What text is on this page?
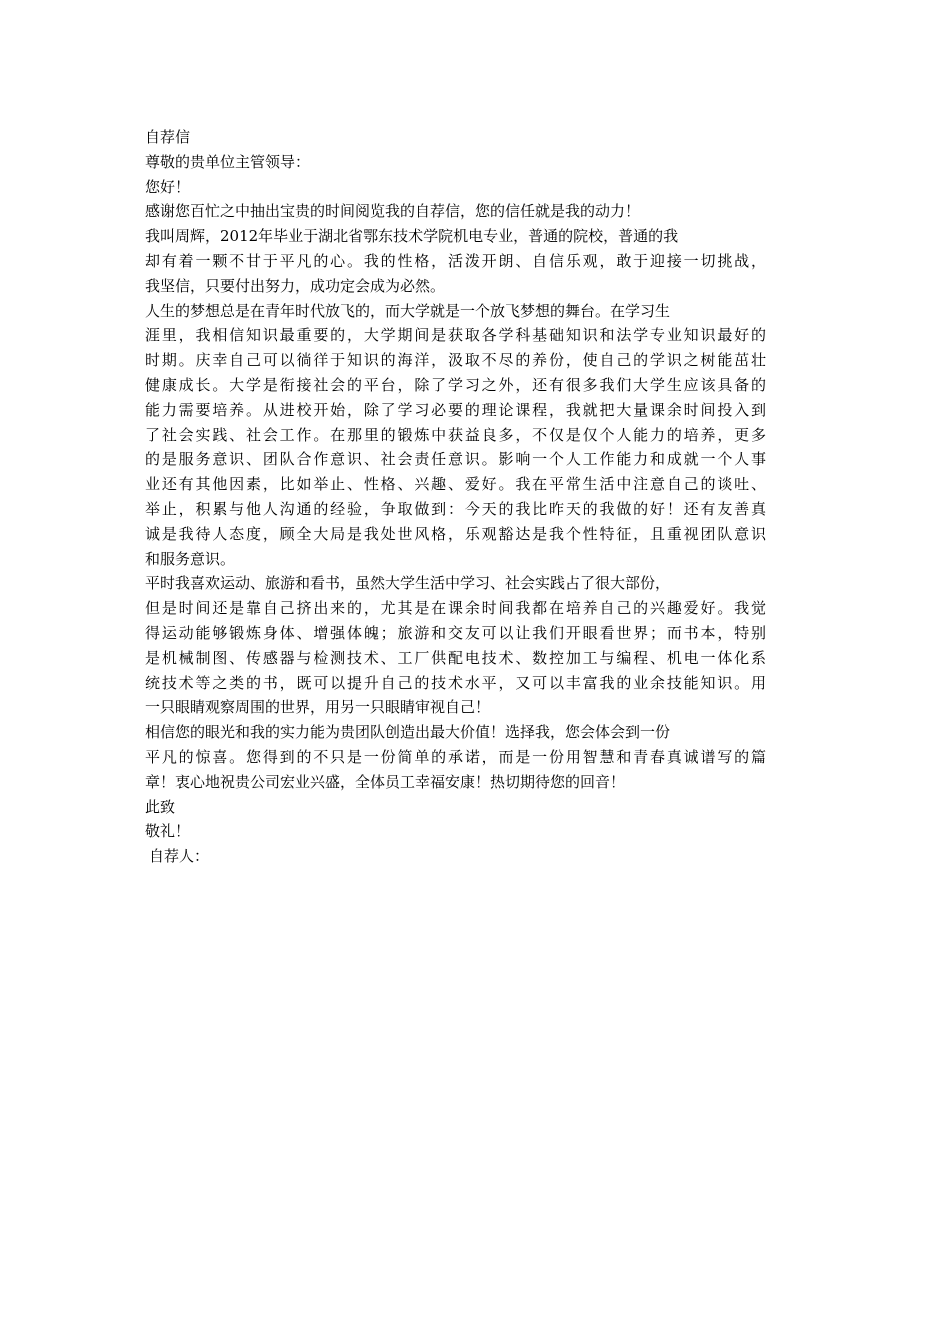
自荐信
尊敬的贵单位主管领导：
您好！
感谢您百忙之中抽出宝贵的时间阅览我的自荐信，您的信任就是我的动力！
我叫周辉，2012年毕业于湖北省鄂东技术学院机电专业，普通的院校，普通的我
却有着一颗不甘于平凡的心。我的性格，活泼开朗、自信乐观，敢于迎接一切挑战，
我坚信，只要付出努力，成功定会成为必然。
人生的梦想总是在青年时代放飞的，而大学就是一个放飞梦想的舞台。在学习生
涯里，我相信知识最重要的，大学期间是获取各学科基础知识和法学专业知识最好的
时期。庆幸自己可以徜徉于知识的海洋，汲取不尽的养份，使自己的学识之树能茁壮
健康成长。大学是衔接社会的平台，除了学习之外，还有很多我们大学生应该具备的
能力需要培养。从进校开始，除了学习必要的理论课程，我就把大量课余时间投入到
了社会实践、社会工作。在那里的锻炼中获益良多，不仅是仅个人能力的培养，更多
的是服务意识、团队合作意识、社会责任意识。影响一个人工作能力和成就一个人事
业还有其他因素，比如举止、性格、兴趣、爱好。我在平常生活中注意自己的谈吐、
举止，积累与他人沟通的经验，争取做到：今天的我比昨天的我做的好！还有友善真
诚是我待人态度，顾全大局是我处世风格，乐观豁达是我个性特征，且重视团队意识
和服务意识。
平时我喜欢运动、旅游和看书，虽然大学生活中学习、社会实践占了很大部份，
但是时间还是靠自己挤出来的，尤其是在课余时间我都在培养自己的兴趣爱好。我觉
得运动能够锻炼身体、增强体魄；旅游和交友可以让我们开眼看世界；而书本，特别
是机械制图、传感器与检测技术、工厂供配电技术、数控加工与编程、机电一体化系
统技术等之类的书，既可以提升自己的技术水平，又可以丰富我的业余技能知识。用
一只眼睛观察周围的世界，用另一只眼睛审视自己！
相信您的眼光和我的实力能为贵团队创造出最大价值！选择我，您会体会到一份
平凡的惊喜。您得到的不只是一份简单的承诺，而是一份用智慧和青春真诚谱写的篇
章！衷心地祝贵公司宏业兴盛，全体员工幸福安康！热切期待您的回音！
此致
敬礼！
自荐人：
